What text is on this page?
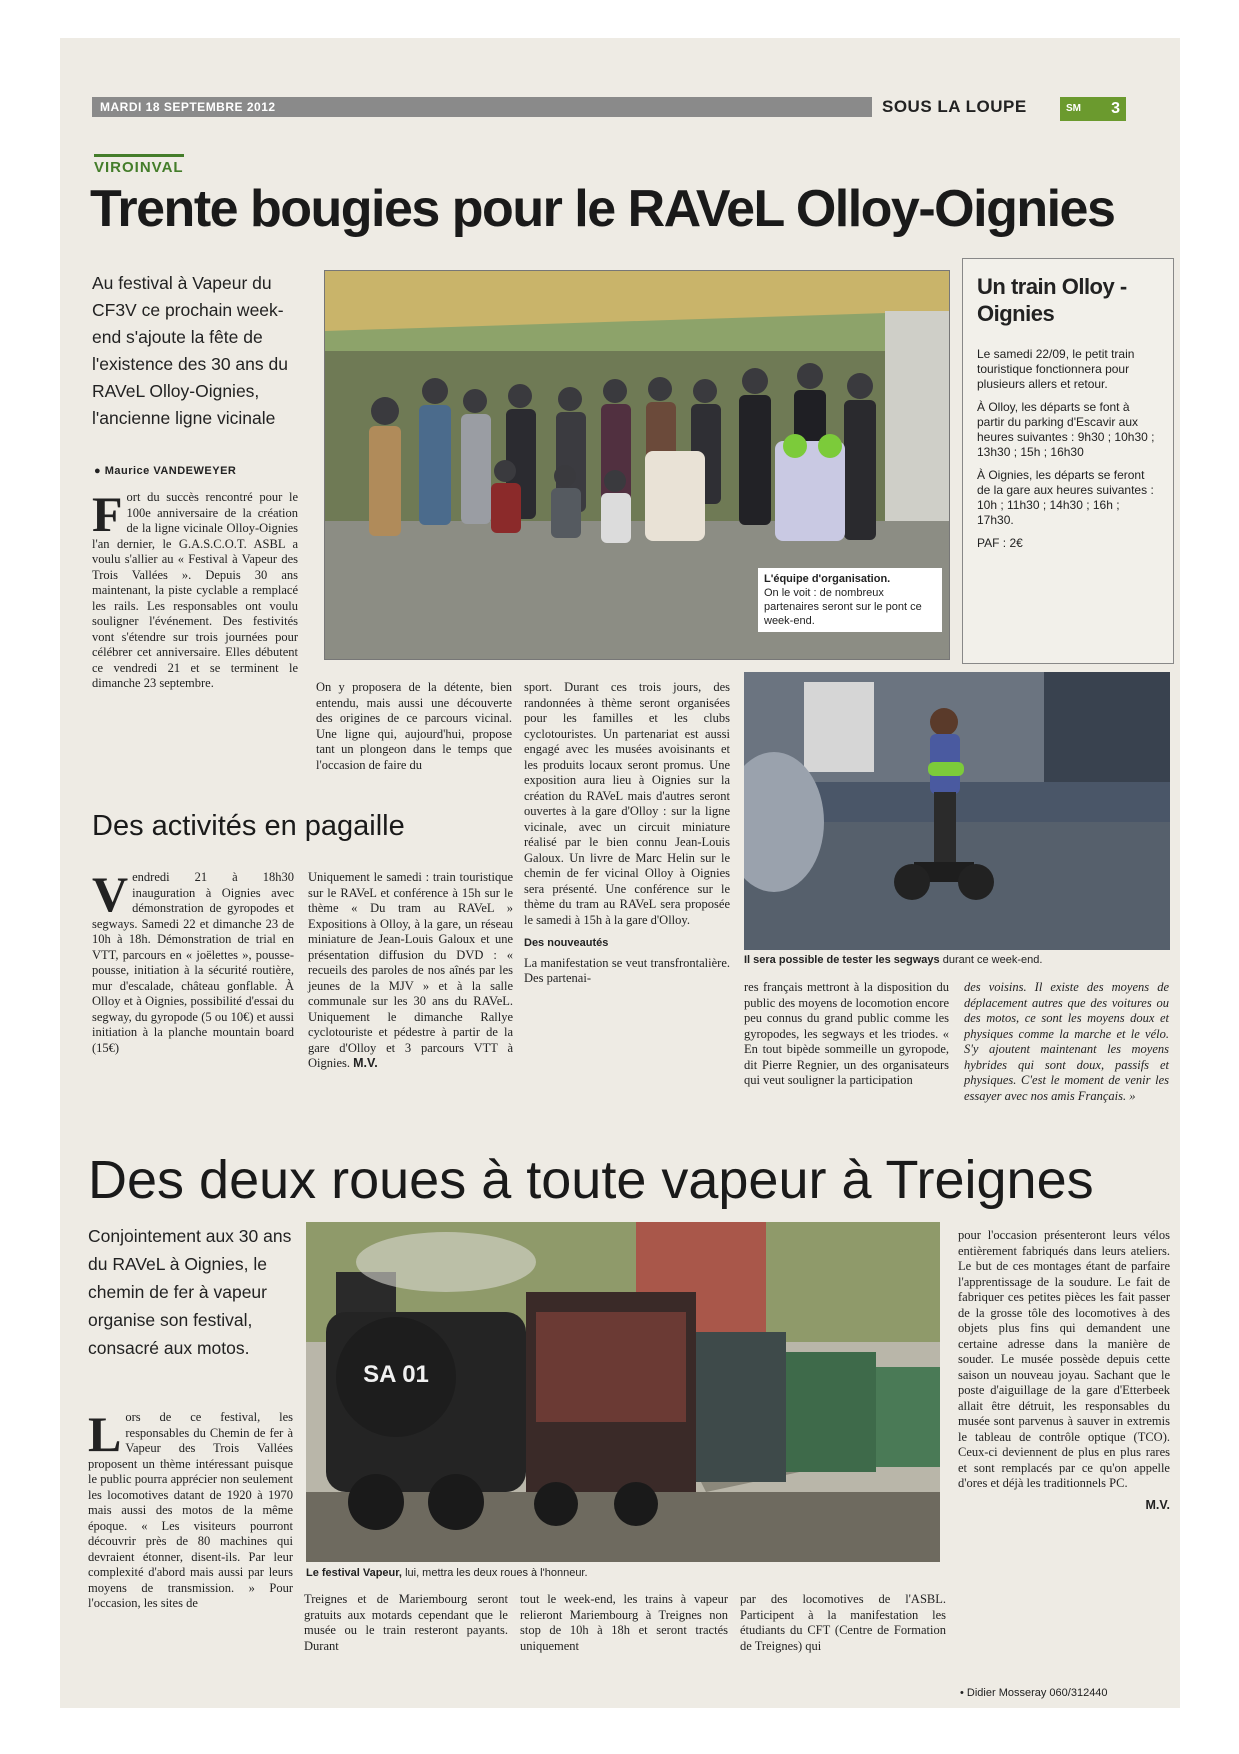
MARDI 18 SEPTEMBRE 2012	SOUS LA LOUPE	SM 3
VIROINVAL
Trente bougies pour le RAVeL Olloy-Oignies
Au festival à Vapeur du CF3V ce prochain week-end s'ajoute la fête de l'existence des 30 ans du RAVeL Olloy-Oignies, l'ancienne ligne vicinale
● Maurice VANDEWEYER
Fort du succès rencontré pour le 100e anniversaire de la création de la ligne vicinale Olloy-Oignies l'an dernier, le G.A.S.C.O.T. ASBL a voulu s'allier au « Festival à Vapeur des Trois Vallées ». Depuis 30 ans maintenant, la piste cyclable a remplacé les rails. Les responsables ont voulu souligner l'événement. Des festivités vont s'étendre sur trois journées pour célébrer cet anniversaire. Elles débutent ce vendredi 21 et se terminent le dimanche 23 septembre.
L'équipe d'organisation.
On le voit : de nombreux partenaires seront sur le pont ce week-end.
Un train Olloy - Oignies

Le samedi 22/09, le petit train touristique fonctionnera pour plusieurs allers et retour.

À Olloy, les départs se font à partir du parking d'Escavir aux heures suivantes : 9h30 ; 10h30 ; 13h30 ; 15h ; 16h30

À Oignies, les départs se feront de la gare aux heures suivantes : 10h ; 11h30 ; 14h30 ; 16h ; 17h30.

PAF : 2€

On y proposera de la détente, bien entendu, mais aussi une découverte des origines de ce parcours vicinal. Une ligne qui, aujourd'hui, propose tant un plongeon dans le temps que l'occasion de faire du
sport. Durant ces trois jours, des randonnées à thème seront organisées pour les familles et les clubs cyclotouristes. Un partenariat est aussi engagé avec les musées avoisinants et les produits locaux seront promus. Une exposition aura lieu à Oignies sur la création du RAVeL mais d'autres seront ouvertes à la gare d'Olloy : sur la ligne vicinale, avec un circuit miniature réalisé par le bien connu Jean-Louis Galoux. Un livre de Marc Helin sur le chemin de fer vicinal Olloy à Oignies sera présenté. Une conférence sur le thème du tram au RAVeL sera proposée le samedi à 15h à la gare d'Olloy.
Des nouveautés
La manifestation se veut transfrontalière. Des partenai-
Des activités en pagaille
Vendredi 21 à 18h30 inauguration à Oignies avec démonstration de gyropodes et segways. Samedi 22 et dimanche 23 de 10h à 18h. Démonstration de trial en VTT, parcours en « joëlettes », pousse-pousse, initiation à la sécurité routière, mur d'escalade, château gonflable. À Olloy et à Oignies, possibilité d'essai du segway, du gyropode (5 ou 10€) et aussi initiation à la planche mountain board (15€)
Uniquement le samedi : train touristique sur le RAVeL et conférence à 15h sur le thème « Du tram au RAVeL » Expositions à Olloy, à la gare, un réseau miniature de Jean-Louis Galoux et une présentation diffusion du DVD : « recueils des paroles de nos aînés par les jeunes de la MJV » et à la salle communale sur les 30 ans du RAVeL. Uniquement le dimanche Rallye cyclotouriste et pédestre à partir de la gare d'Olloy et 3 parcours VTT à Oignies. M.V.
Il sera possible de tester les segways durant ce week-end.
res français mettront à la disposition du public des moyens de locomotion encore peu connus du grand public comme les gyropodes, les segways et les triodes. « En tout bipède sommeille un gyropode, dit Pierre Regnier, un des organisateurs qui veut souligner la participation
des voisins. Il existe des moyens de déplacement autres que des voitures ou des motos, ce sont les moyens doux et physiques comme la marche et le vélo. S'y ajoutent maintenant les moyens hybrides qui sont doux, passifs et physiques. C'est le moment de venir les essayer avec nos amis Français. »
Des deux roues à toute vapeur à Treignes
Conjointement aux 30 ans du RAVeL à Oignies, le chemin de fer à vapeur organise son festival, consacré aux motos.
SA 01
Le festival Vapeur, lui, mettra les deux roues à l'honneur.
Lors de ce festival, les responsables du Chemin de fer à Vapeur des Trois Vallées proposent un thème intéressant puisque le public pourra apprécier non seulement les locomotives datant de 1920 à 1970 mais aussi des motos de la même époque. « Les visiteurs pourront découvrir près de 80 machines qui devraient étonner, disent-ils. Par leur complexité d'abord mais aussi par leurs moyens de transmission. » Pour l'occasion, les sites de	Treignes et de Mariembourg seront gratuits aux motards cependant que le musée ou le train resteront payants. Durant
tout le week-end, les trains à vapeur relieront Mariembourg à Treignes non stop de 10h à 18h et seront tractés uniquement
par des locomotives de l'ASBL. Participent à la manifestation les étudiants du CFT (Centre de Formation de Treignes) qui
pour l'occasion présenteront leurs vélos entièrement fabriqués dans leurs ateliers. Le but de ces montages étant de parfaire l'apprentissage de la soudure. Le fait de fabriquer ces petites pièces les fait passer de la grosse tôle des locomotives à des objets plus fins qui demandent une certaine adresse dans la manière de souder. Le musée possède depuis cette saison un nouveau joyau. Sachant que le poste d'aiguillage de la gare d'Etterbeek allait être détruit, les responsables du musée sont parvenus à sauver in extremis le tableau de contrôle optique (TCO). Ceux-ci deviennent de plus en plus rares et sont remplacés par ce qu'on appelle d'ores et déjà les traditionnels PC.
M.V.
• Didier Mosseray 060/312440
